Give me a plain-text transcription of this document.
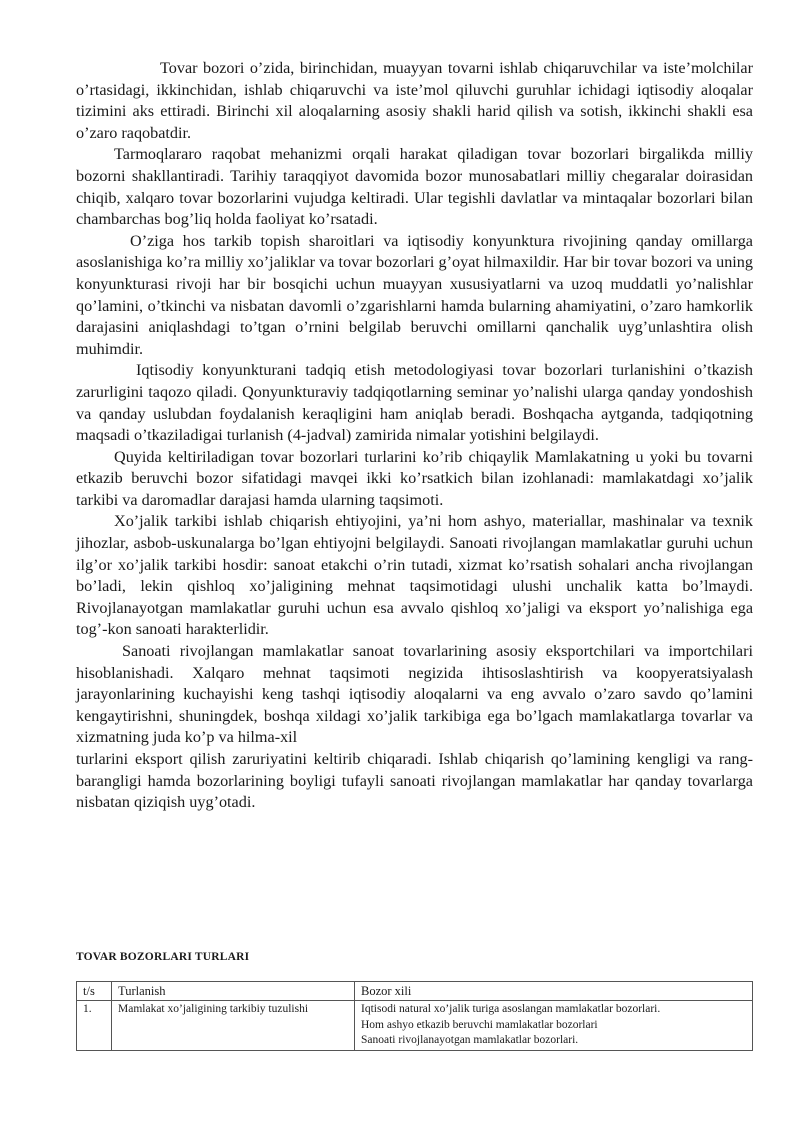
Tovar bozori o’zida, birinchidan, muayyan tovarni ishlab chiqaruvchilar va iste’molchilar o’rtasidagi, ikkinchidan, ishlab chiqaruvchi va iste’mol qiluvchi guruhlar ichidagi iqtisodiy aloqalar tizimini aks ettiradi. Birinchi xil aloqalarning asosiy shakli harid qilish va sotish, ikkinchi shakli esa o’zaro raqobatdir.

Tarmoqlararo raqobat mehanizmi orqali harakat qiladigan tovar bozorlari birgalikda milliy bozorni shakllantiradi. Tarihiy taraqqiyot davomida bozor munosabatlari milliy chegaralar doirasidan chiqib, xalqaro tovar bozorlarini vujudga keltiradi. Ular tegishli davlatlar va mintaqalar bozorlari bilan chambarchas bog’liq holda faoliyat ko’rsatadi.

O’ziga hos tarkib topish sharoitlari va iqtisodiy konyunktura rivojining qanday omillarga asoslanishiga ko’ra milliy xo’jaliklar va tovar bozorlari g’oyat hilmaxildir. Har bir tovar bozori va uning konyunkturasi rivoji har bir bosqichi uchun muayyan xususiyatlarni va uzoq muddatli yo’nalishlar qo’lamini, o’tkinchi va nisbatan davomli o’zgarishlarni hamda bularning ahamiyatini, o’zaro hamkorlik darajasini aniqlashdagi to’tgan o’rnini belgilab beruvchi omillarni qanchalik uyg’unlashtira olish muhimdir.

Iqtisodiy konyunkturani tadqiq etish metodologiyasi tovar bozorlari turlanishini o’tkazish zarurligini taqozo qiladi. Qonyunkturaviy tadqiqotlarning seminar yo’nalishi ularga qanday yondoshish va qanday uslubdan foydalanish keraqligini ham aniqlab beradi. Boshqacha aytganda, tadqiqotning maqsadi o’tkaziladigai turlanish (4-jadval) zamirida nimalar yotishini belgilaydi.

Quyida keltiriladigan tovar bozorlari turlarini ko’rib chiqaylik Mamlakatning u yoki bu tovarni etkazib beruvchi bozor sifatidagi mavqei ikki ko’rsatkich bilan izohlanadi: mamlakatdagi xo’jalik tarkibi va daromadlar darajasi hamda ularning taqsimoti.

Xo’jalik tarkibi ishlab chiqarish ehtiyojini, ya’ni hom ashyo, materiallar, mashinalar va texnik jihozlar, asbob-uskunalarga bo’lgan ehtiyojni belgilaydi. Sanoati rivojlangan mamlakatlar guruhi uchun ilg’or xo’jalik tarkibi hosdir: sanoat etakchi o’rin tutadi, xizmat ko’rsatish sohalari ancha rivojlangan bo’ladi, lekin qishloq xo’jaligining mehnat taqsimotidagi ulushi unchalik katta bo’lmaydi. Rivojlanayotgan mamlakatlar guruhi uchun esa avvalo qishloq xo’jaligi va eksport yo’nalishiga ega tog’-kon sanoati harakterlidir.

Sanoati rivojlangan mamlakatlar sanoat tovarlarining asosiy eksportchilari va importchilari hisoblanishadi. Xalqaro mehnat taqsimoti negizida ihtisoslashtirish va koopyeratsiyalash jarayonlarining kuchayishi keng tashqi iqtisodiy aloqalarni va eng avvalo o’zaro savdo qo’lamini kengaytirishni, shuningdek, boshqa xildagi xo’jalik tarkibiga ega bo’lgach mamlakatlarga tovarlar va xizmatning juda ko’p va hilma-xil

turlarini eksport qilish zaruriyatini keltirib chiqaradi. Ishlab chiqarish qo’lamining kengligi va rang-barangligi hamda bozorlarining boyligi tufayli sanoati rivojlangan mamlakatlar har qanday tovarlarga nisbatan qiziqish uyg’otadi.

TOVAR BOZORLARI TURLARI
t/s	Turlanish	Bozor xili
1.	Mamlakat xo’jaligining tarkibiy tuzulishi	Iqtisodi natural xo’jalik turiga asoslangan mamlakatlar bozorlari.
Hom ashyo etkazib beruvchi mamlakatlar bozorlari
Sanoati rivojlanayotgan mamlakatlar bozorlari.
